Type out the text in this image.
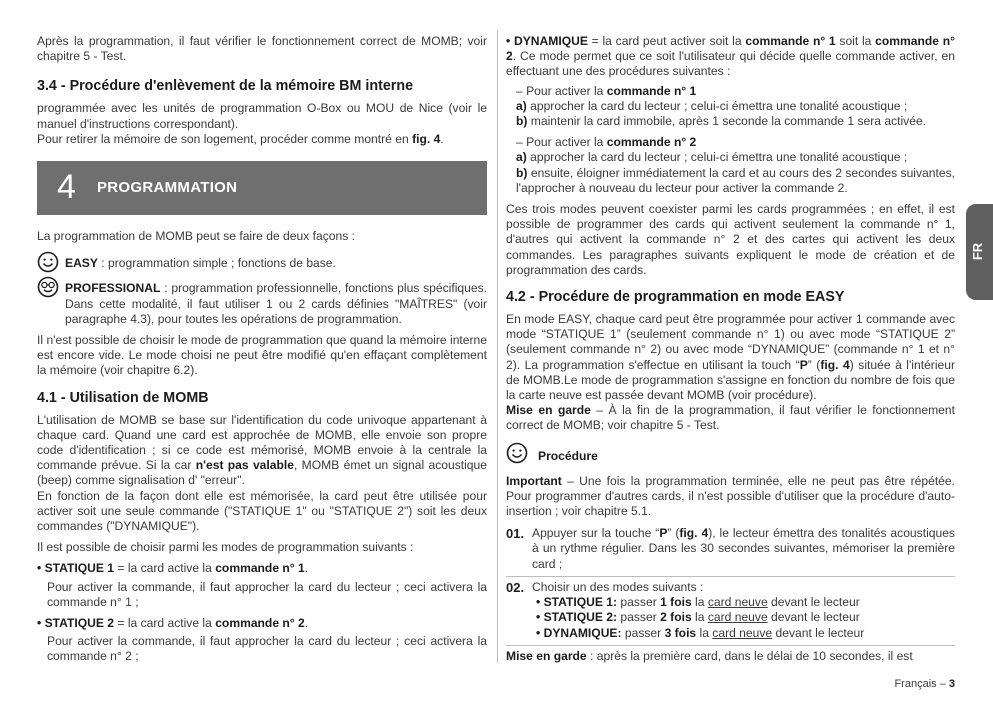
Après la programmation, il faut vérifier le fonctionnement correct de MOMB; voir chapitre 5 - Test.

3.4 - Procédure d'enlèvement de la mémoire BM interne

programmée avec les unités de programmation O-Box ou MOU de Nice (voir le manuel d'instructions correspondant).

Pour retirer la mémoire de son logement, procéder comme montré en fig. 4.

4 PROGRAMMATION

La programmation de MOMB peut se faire de deux façons :

EASY : programmation simple ; fonctions de base.

PROFESSIONAL : programmation professionnelle, fonctions plus spécifiques. Dans cette modalité, il faut utiliser 1 ou 2 cards définies "MAÎTRES" (voir paragraphe 4.3), pour toutes les opérations de programmation.

Il n'est possible de choisir le mode de programmation que quand la mémoire interne est encore vide. Le mode choisi ne peut être modifié qu'en effaçant complètement la mémoire (voir chapitre 6.2).

4.1 - Utilisation de MOMB

L'utilisation de MOMB se base sur l'identification du code univoque appartenant à chaque card. Quand une card est approchée de MOMB, elle envoie son propre code d'identification ; si ce code est mémorisé, MOMB envoie à la centrale la commande prévue. Si la car n'est pas valable, MOMB émet un signal acoustique (beep) comme signalisation d' "erreur".

En fonction de la façon dont elle est mémorisée, la card peut être utilisée pour activer soit une seule commande ("STATIQUE 1" ou "STATIQUE 2") soit les deux commandes ("DYNAMIQUE").

Il est possible de choisir parmi les modes de programmation suivants :

• STATIQUE 1 = la card active la commande n° 1.

Pour activer la commande, il faut approcher la card du lecteur ; ceci activera la commande n° 1 ;

• STATIQUE 2 = la card active la commande n° 2.

Pour activer la commande, il faut approcher la card du lecteur ; ceci activera la commande n° 2 ;

• DYNAMIQUE = la card peut activer soit la commande n° 1 soit la commande n° 2. Ce mode permet que ce soit l'utilisateur qui décide quelle commande activer, en effectuant une des procédures suivantes :

– Pour activer la commande n° 1

a) approcher la card du lecteur ; celui-ci émettra une tonalité acoustique ;

b) maintenir la card immobile, après 1 seconde la commande 1 sera activée.

– Pour activer la commande n° 2

a) approcher la card du lecteur ; celui-ci émettra une tonalité acoustique ;

b) ensuite, éloigner immédiatement la card et au cours des 2 secondes suivantes, l'approcher à nouveau du lecteur pour activer la commande 2.

Ces trois modes peuvent coexister parmi les cards programmées ; en effet, il est possible de programmer des cards qui activent seulement la commande n° 1, d'autres qui activent la commande n° 2 et des cartes qui activent les deux commandes. Les paragraphes suivants expliquent le mode de création et de programmation des cards.

4.2 - Procédure de programmation en mode EASY

En mode EASY, chaque card peut être programmée pour activer 1 commande avec mode “STATIQUE 1” (seulement commande n° 1) ou avec mode “STATIQUE 2” (seulement commande n° 2) ou avec mode “DYNAMIQUE” (commande n° 1 et n° 2). La programmation s'effectue en utilisant la touch “P” (fig. 4) située à l'intérieur de MOMB.Le mode de programmation s'assigne en fonction du nombre de fois que la carte neuve est passée devant MOMB (voir procédure).

Mise en garde – À la fin de la programmation, il faut vérifier le fonctionnement correct de MOMB; voir chapitre 5 - Test.

Procédure

Important – Une fois la programmation terminée, elle ne peut pas être répétée. Pour programmer d'autres cards, il n'est possible d'utiliser que la procédure d'auto-insertion ; voir chapitre 5.1.

01. Appuyer sur la touche “P” (fig. 4), le lecteur émettra des tonalités acoustiques à un rythme régulier. Dans les 30 secondes suivantes, mémoriser la première card ;

02. Choisir un des modes suivants :

• STATIQUE 1: passer 1 fois la card neuve devant le lecteur

• STATIQUE 2: passer 2 fois la card neuve devant le lecteur

• DYNAMIQUE: passer 3 fois la card neuve devant le lecteur

Mise en garde : après la première card, dans le délai de 10 secondes, il est

FR
Français – 3
